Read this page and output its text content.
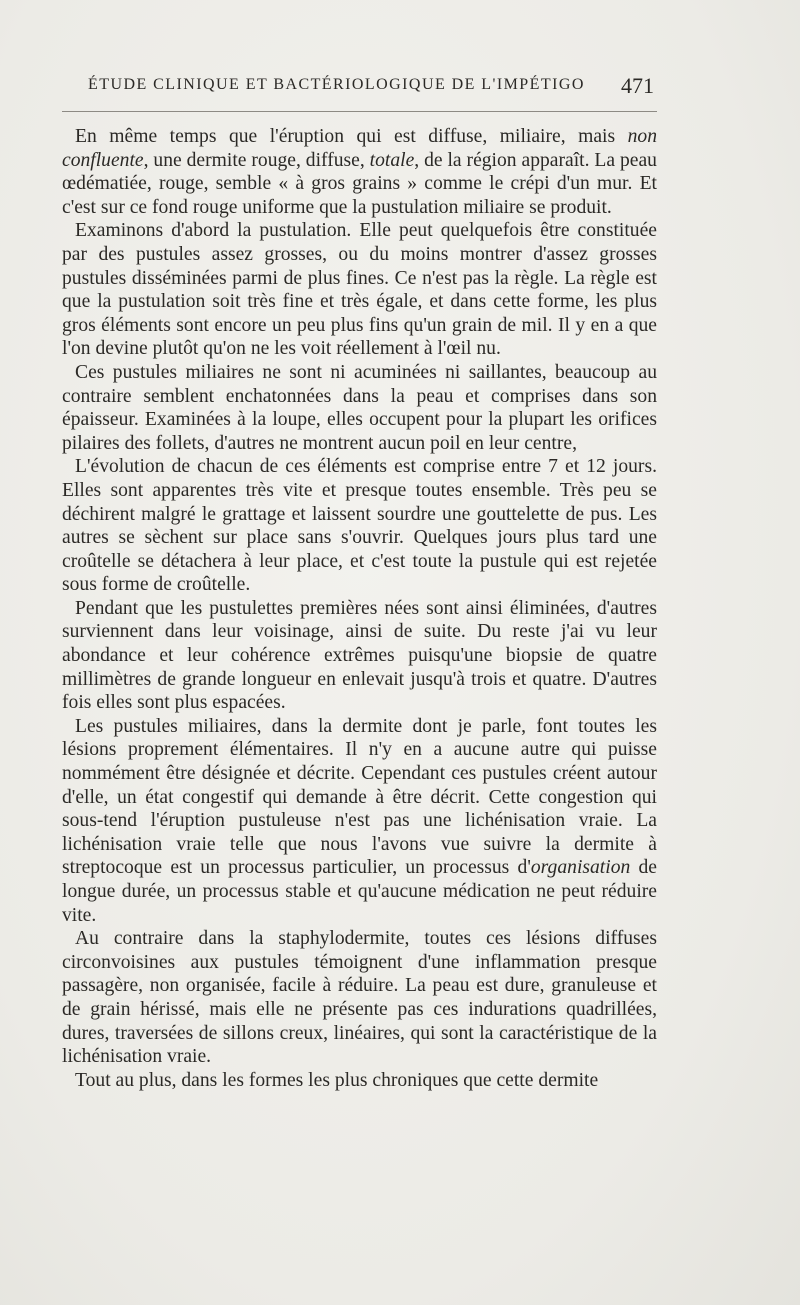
ÉTUDE CLINIQUE ET BACTÉRIOLOGIQUE DE L'IMPÉTIGO 471

En même temps que l'éruption qui est diffuse, miliaire, mais non confluente, une dermite rouge, diffuse, totale, de la région apparaît. La peau œdématiée, rouge, semble « à gros grains » comme le crépi d'un mur. Et c'est sur ce fond rouge uniforme que la pustulation miliaire se produit.

Examinons d'abord la pustulation. Elle peut quelquefois être constituée par des pustules assez grosses, ou du moins montrer d'assez grosses pustules disséminées parmi de plus fines. Ce n'est pas la règle. La règle est que la pustulation soit très fine et très égale, et dans cette forme, les plus gros éléments sont encore un peu plus fins qu'un grain de mil. Il y en a que l'on devine plutôt qu'on ne les voit réellement à l'œil nu.

Ces pustules miliaires ne sont ni acuminées ni saillantes, beaucoup au contraire semblent enchatonnées dans la peau et comprises dans son épaisseur. Examinées à la loupe, elles occupent pour la plupart les orifices pilaires des follets, d'autres ne montrent aucun poil en leur centre,

L'évolution de chacun de ces éléments est comprise entre 7 et 12 jours. Elles sont apparentes très vite et presque toutes ensemble. Très peu se déchirent malgré le grattage et laissent sourdre une gouttelette de pus. Les autres se sèchent sur place sans s'ouvrir. Quelques jours plus tard une croûtelle se détachera à leur place, et c'est toute la pustule qui est rejetée sous forme de croûtelle.

Pendant que les pustulettes premières nées sont ainsi éliminées, d'autres surviennent dans leur voisinage, ainsi de suite. Du reste j'ai vu leur abondance et leur cohérence extrêmes puisqu'une biopsie de quatre millimètres de grande longueur en enlevait jusqu'à trois et quatre. D'autres fois elles sont plus espacées.

Les pustules miliaires, dans la dermite dont je parle, font toutes les lésions proprement élémentaires. Il n'y en a aucune autre qui puisse nommément être désignée et décrite. Cependant ces pustules créent autour d'elle, un état congestif qui demande à être décrit. Cette congestion qui sous-tend l'éruption pustuleuse n'est pas une lichénisation vraie. La lichénisation vraie telle que nous l'avons vue suivre la dermite à streptocoque est un processus particulier, un processus d'organisation de longue durée, un processus stable et qu'aucune médication ne peut réduire vite.

Au contraire dans la staphylodermite, toutes ces lésions diffuses circonvoisines aux pustules témoignent d'une inflammation presque passagère, non organisée, facile à réduire. La peau est dure, granuleuse et de grain hérissé, mais elle ne présente pas ces indurations quadrillées, dures, traversées de sillons creux, linéaires, qui sont la caractéristique de la lichénisation vraie.

Tout au plus, dans les formes les plus chroniques que cette dermite
